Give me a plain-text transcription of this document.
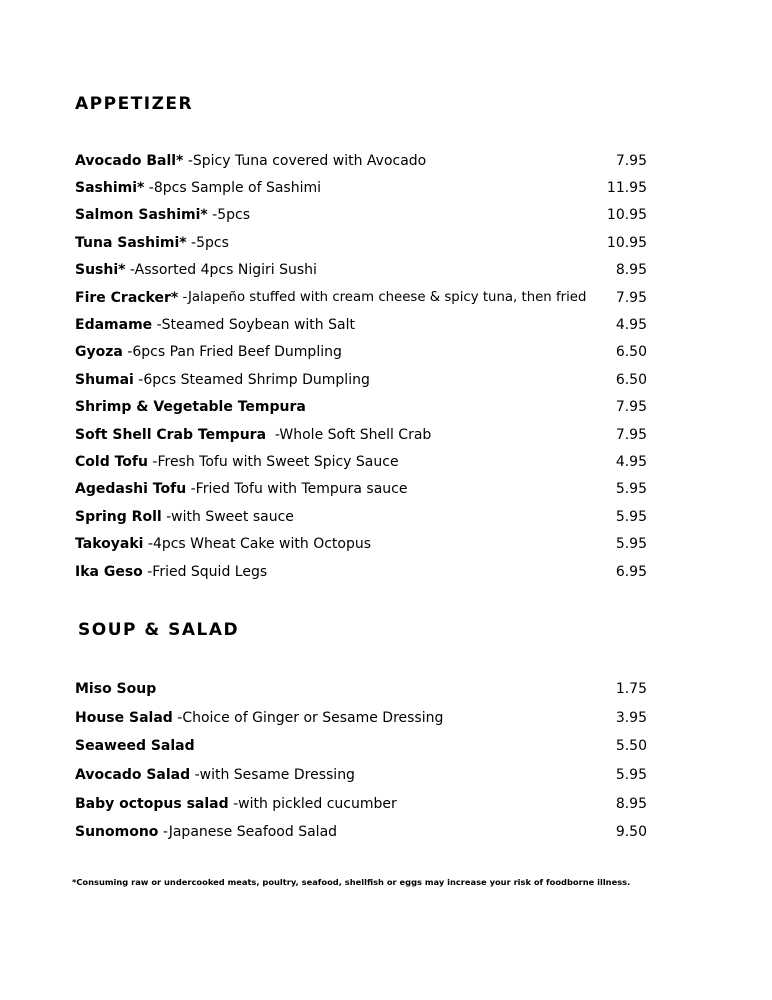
APPETIZER
Avocado Ball* -Spicy Tuna covered with Avocado	7.95
Sashimi* -8pcs Sample of Sashimi	11.95
Salmon Sashimi* -5pcs	10.95
Tuna Sashimi* -5pcs	10.95
Sushi* -Assorted 4pcs Nigiri Sushi	8.95
Fire Cracker* -Jalapeño stuffed with cream cheese & spicy tuna, then fried 7.95
Edamame -Steamed Soybean with Salt	4.95
Gyoza -6pcs Pan Fried Beef Dumpling	6.50
Shumai -6pcs Steamed Shrimp Dumpling	6.50
Shrimp & Vegetable Tempura	7.95
Soft Shell Crab Tempura -Whole Soft Shell Crab	7.95
Cold Tofu -Fresh Tofu with Sweet Spicy Sauce	4.95
Agedashi Tofu -Fried Tofu with Tempura sauce	5.95
Spring Roll -with Sweet sauce	5.95
Takoyaki -4pcs Wheat Cake with Octopus	5.95
Ika Geso -Fried Squid Legs	6.95
SOUP & SALAD
Miso Soup	1.75
House Salad -Choice of Ginger or Sesame Dressing	3.95
Seaweed Salad	5.50
Avocado Salad -with Sesame Dressing	5.95
Baby octopus salad -with pickled cucumber	8.95
Sunomono -Japanese Seafood Salad	9.50

*Consuming raw or undercooked meats, poultry, seafood, shellfish or eggs may increase your risk of foodborne illness.
